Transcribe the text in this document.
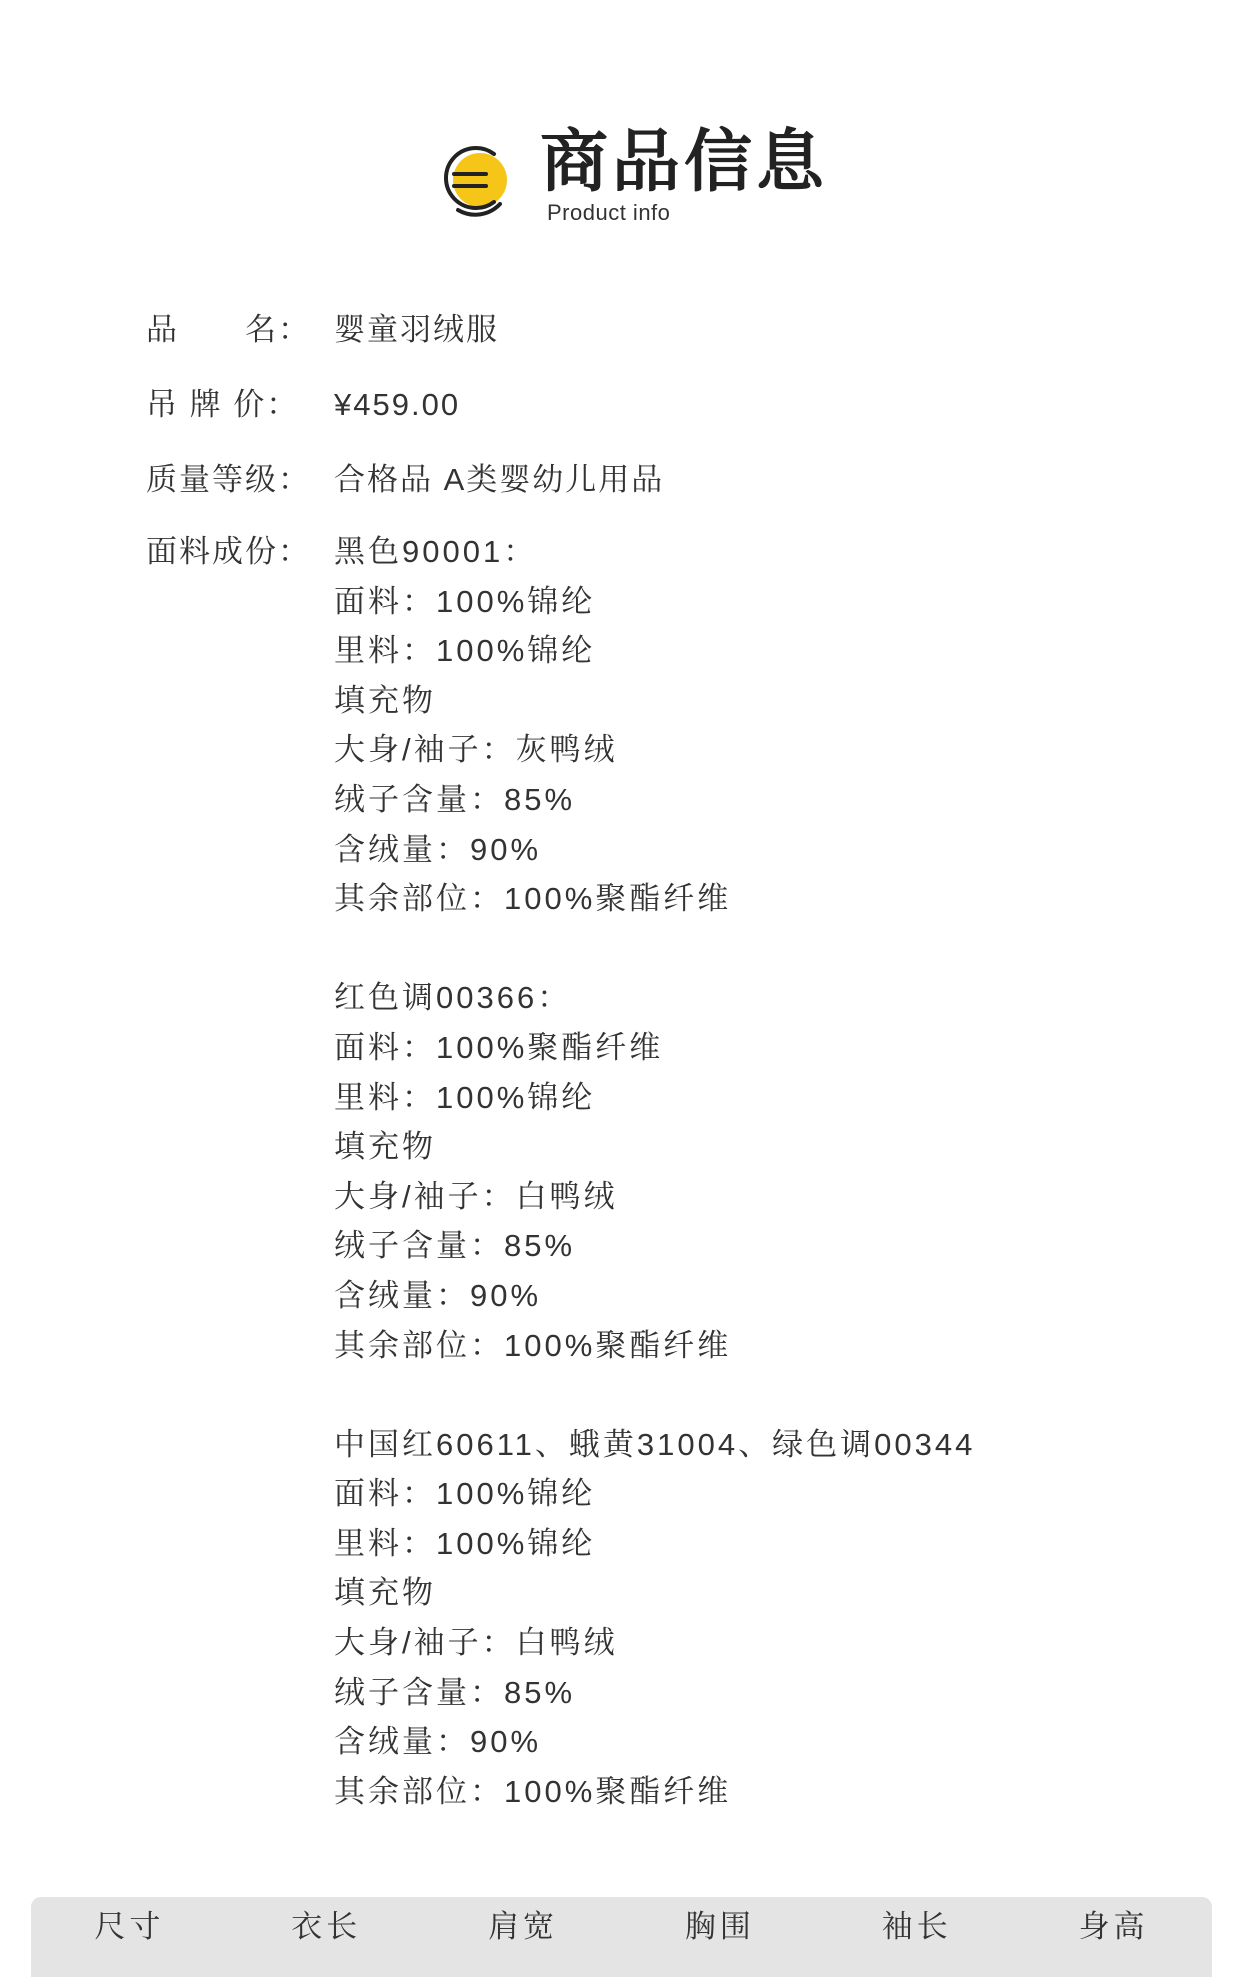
商品信息
Product info
品　　名： 婴童羽绒服
吊 牌 价： ¥459.00
质量等级： 合格品 A类婴幼儿用品
面料成份： 黑色90001：
面料：100%锦纶
里料：100%锦纶
填充物
大身/袖子：灰鸭绒
绒子含量：85%
含绒量：90%
其余部位：100%聚酯纤维
红色调00366：
面料：100%聚酯纤维
里料：100%锦纶
填充物
大身/袖子：白鸭绒
绒子含量：85%
含绒量：90%
其余部位：100%聚酯纤维
中国红60611、蛾黄31004、绿色调00344
面料：100%锦纶
里料：100%锦纶
填充物
大身/袖子：白鸭绒
绒子含量：85%
含绒量：90%
其余部位：100%聚酯纤维
尺寸	衣长	肩宽	胸围	袖长	身高
